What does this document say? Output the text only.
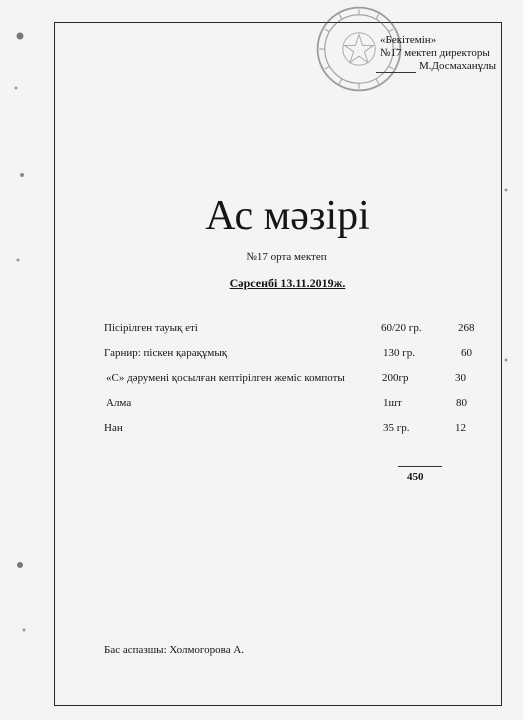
«Бекітемін»
№17 мектеп директоры
М.Досмаханұлы
Ас мәзірі
№17 орта мектеп
Сәрсенбі 13.11.2019ж.
Пісірілген тауық еті	60/20 гр.	268
Гарнир: піскен қарақұмық	130 гр.	60
«С» дәрумені қосылған кептірілген жеміс компоты	200гр	30
Алма	1шт	80
Нан	35 гр.	12
450
Бас аспазшы: Холмогорова А.
